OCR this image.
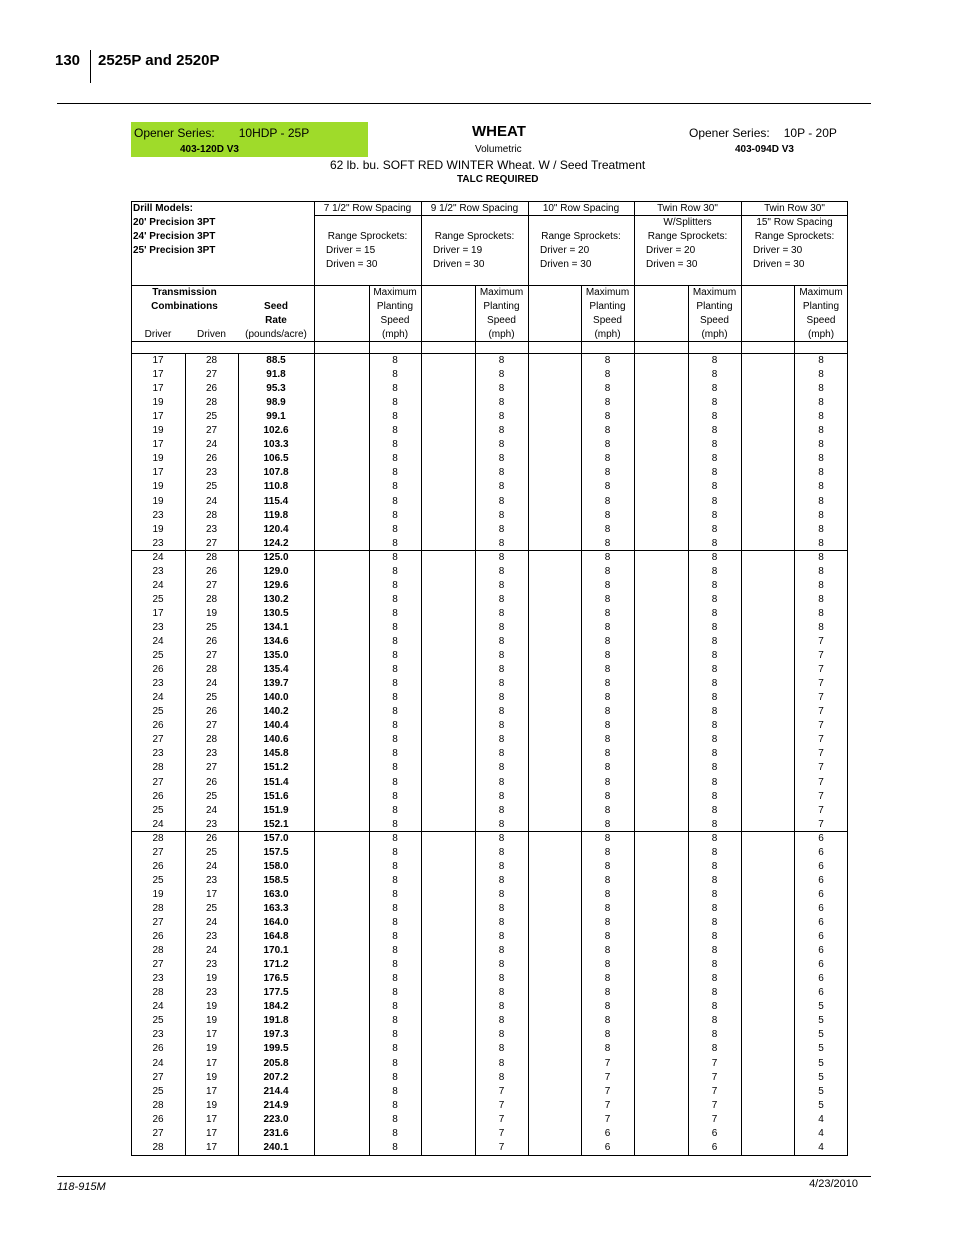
130 2525P and 2520P
Opener Series: 10HDP - 25P
403-120D V3
WHEAT
Volumetric
Opener Series: 10P - 20P
403-094D V3
62 lb. bu. SOFT RED WINTER Wheat. W / Seed Treatment
TALC REQUIRED
Drill Models:
20' Precision 3PT
24' Precision 3PT
25' Precision 3PT
7 1/2" Row Spacing
Range Sprockets:
Driver = 15
Driven = 30
9 1/2" Row Spacing
Range Sprockets:
Driver = 19
Driven = 30
10" Row Spacing
Range Sprockets:
Driver = 20
Driven = 30
Twin Row 30"
W/Splitters
Range Sprockets:
Driver = 20
Driven = 30
Twin Row 30"
15" Row Spacing
Range Sprockets:
Driver = 30
Driven = 30
Transmission
Combinations
Driver	Driven
Seed
Rate
(pounds/acre)
Maximum
Planting
Speed
(mph)
Maximum
Planting
Speed
(mph)
Maximum
Planting
Speed
(mph)
Maximum
Planting
Speed
(mph)
Maximum
Planting
Speed
(mph)
17	28	88.5	8	8	8	8	8
17	27	91.8	8	8	8	8	8
17	26	95.3	8	8	8	8	8
19	28	98.9	8	8	8	8	8
17	25	99.1	8	8	8	8	8
19	27	102.6	8	8	8	8	8
17	24	103.3	8	8	8	8	8
19	26	106.5	8	8	8	8	8
17	23	107.8	8	8	8	8	8
19	25	110.8	8	8	8	8	8
19	24	115.4	8	8	8	8	8
23	28	119.8	8	8	8	8	8
19	23	120.4	8	8	8	8	8
23	27	124.2	8	8	8	8	8
24	28	125.0	8	8	8	8	8
23	26	129.0	8	8	8	8	8
24	27	129.6	8	8	8	8	8
25	28	130.2	8	8	8	8	8
17	19	130.5	8	8	8	8	8
23	25	134.1	8	8	8	8	8
24	26	134.6	8	8	8	8	7
25	27	135.0	8	8	8	8	7
26	28	135.4	8	8	8	8	7
23	24	139.7	8	8	8	8	7
24	25	140.0	8	8	8	8	7
25	26	140.2	8	8	8	8	7
26	27	140.4	8	8	8	8	7
27	28	140.6	8	8	8	8	7
23	23	145.8	8	8	8	8	7
28	27	151.2	8	8	8	8	7
27	26	151.4	8	8	8	8	7
26	25	151.6	8	8	8	8	7
25	24	151.9	8	8	8	8	7
24	23	152.1	8	8	8	8	7
28	26	157.0	8	8	8	8	6
27	25	157.5	8	8	8	8	6
26	24	158.0	8	8	8	8	6
25	23	158.5	8	8	8	8	6
19	17	163.0	8	8	8	8	6
28	25	163.3	8	8	8	8	6
27	24	164.0	8	8	8	8	6
26	23	164.8	8	8	8	8	6
28	24	170.1	8	8	8	8	6
27	23	171.2	8	8	8	8	6
23	19	176.5	8	8	8	8	6
28	23	177.5	8	8	8	8	6
24	19	184.2	8	8	8	8	5
25	19	191.8	8	8	8	8	5
23	17	197.3	8	8	8	8	5
26	19	199.5	8	8	8	8	5
24	17	205.8	8	8	7	7	5
27	19	207.2	8	8	7	7	5
25	17	214.4	8	7	7	7	5
28	19	214.9	8	7	7	7	5
26	17	223.0	8	7	7	7	4
27	17	231.6	8	7	6	6	4
28	17	240.1	8	7	6	6	4
118-915M	4/23/2010
